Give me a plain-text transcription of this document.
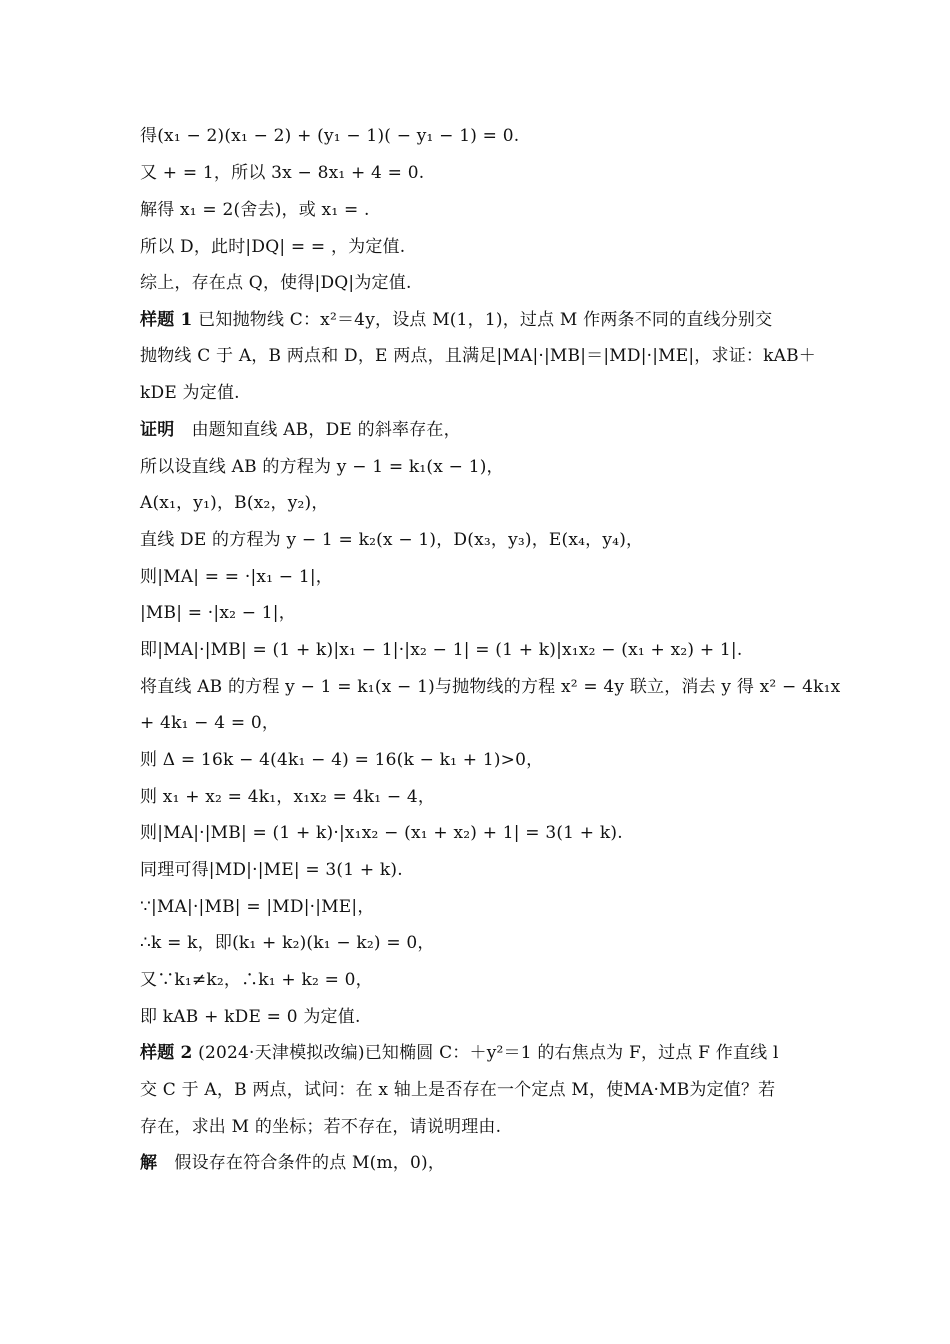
得(x₁ − 2)(x₁ − 2) + (y₁ − 1)( − y₁ − 1) = 0.
又 + = 1，所以 3x − 8x₁ + 4 = 0.
解得 x₁ = 2(舍去)，或 x₁ = .
所以 D，此时|DQ| = = ，为定值.
综上，存在点 Q，使得|DQ|为定值.
样题 1 已知抛物线 C：x²＝4y，设点 M(1，1)，过点 M 作两条不同的直线分别交
抛物线 C 于 A，B 两点和 D，E 两点，且满足|MA|·|MB|＝|MD|·|ME|，求证：kAB＋
kDE 为定值.
证明　由题知直线 AB，DE 的斜率存在，
所以设直线 AB 的方程为 y − 1 = k₁(x − 1)，
A(x₁，y₁)，B(x₂，y₂)，
直线 DE 的方程为 y − 1 = k₂(x − 1)，D(x₃，y₃)，E(x₄，y₄)，
则|MA| = = ·|x₁ − 1|，
|MB| = ·|x₂ − 1|，
即|MA|·|MB| = (1 + k)|x₁ − 1|·|x₂ − 1| = (1 + k)|x₁x₂ − (x₁ + x₂) + 1|.
将直线 AB 的方程 y − 1 = k₁(x − 1)与抛物线的方程 x² = 4y 联立，消去 y 得 x² − 4k₁x
+ 4k₁ − 4 = 0，
则 Δ = 16k − 4(4k₁ − 4) = 16(k − k₁ + 1)>0，
则 x₁ + x₂ = 4k₁，x₁x₂ = 4k₁ − 4，
则|MA|·|MB| = (1 + k)·|x₁x₂ − (x₁ + x₂) + 1| = 3(1 + k).
同理可得|MD|·|ME| = 3(1 + k).
∵|MA|·|MB| = |MD|·|ME|，
∴k = k，即(k₁ + k₂)(k₁ − k₂) = 0，
又∵k₁≠k₂，∴k₁ + k₂ = 0，
即 kAB + kDE = 0 为定值.
样题 2 (2024·天津模拟改编)已知椭圆 C：＋y²＝1 的右焦点为 F，过点 F 作直线 l
交 C 于 A，B 两点，试问：在 x 轴上是否存在一个定点 M，使MA·MB为定值？若
存在，求出 M 的坐标；若不存在，请说明理由.
解　假设存在符合条件的点 M(m，0)，
